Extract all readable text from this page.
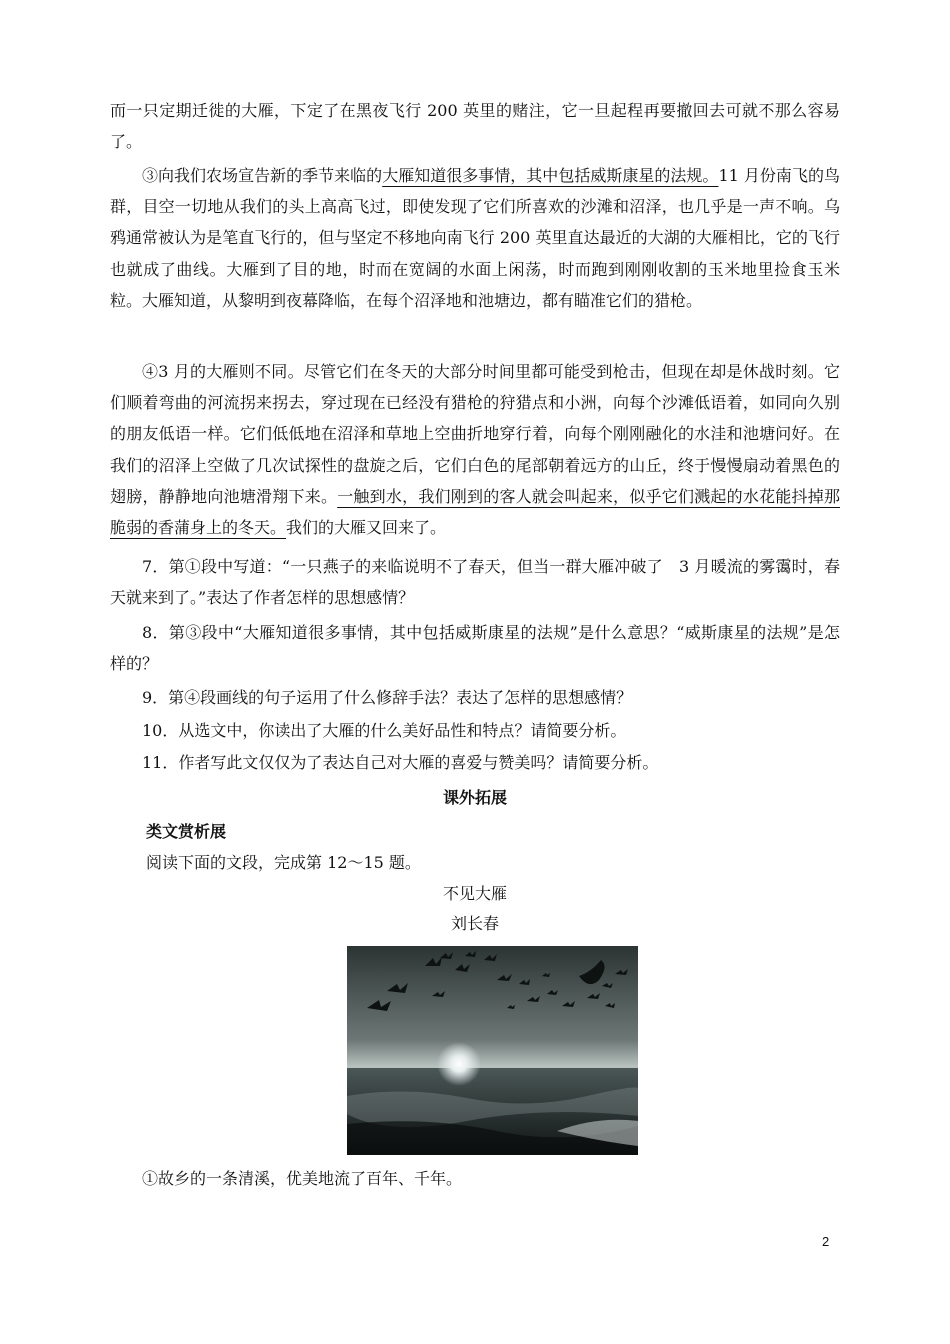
而一只定期迁徙的大雁，下定了在黑夜飞行 200 英里的赌注，它一旦起程再要撤回去可就不那么容易了。

③向我们农场宣告新的季节来临的大雁知道很多事情，其中包括威斯康星的法规。11 月份南飞的鸟群，目空一切地从我们的头上高高飞过，即使发现了它们所喜欢的沙滩和沼泽，也几乎是一声不响。乌鸦通常被认为是笔直飞行的，但与坚定不移地向南飞行 200 英里直达最近的大湖的大雁相比，它的飞行也就成了曲线。大雁到了目的地，时而在宽阔的水面上闲荡，时而跑到刚刚收割的玉米地里捡食玉米粒。大雁知道，从黎明到夜幕降临，在每个沼泽地和池塘边，都有瞄准它们的猎枪。

④3 月的大雁则不同。尽管它们在冬天的大部分时间里都可能受到枪击，但现在却是休战时刻。它们顺着弯曲的河流拐来拐去，穿过现在已经没有猎枪的狩猎点和小洲，向每个沙滩低语着，如同向久别的朋友低语一样。它们低低地在沼泽和草地上空曲折地穿行着，向每个刚刚融化的水洼和池塘问好。在我们的沼泽上空做了几次试探性的盘旋之后，它们白色的尾部朝着远方的山丘，终于慢慢扇动着黑色的翅膀，静静地向池塘滑翔下来。一触到水，我们刚到的客人就会叫起来，似乎它们溅起的水花能抖掉那脆弱的香蒲身上的冬天。我们的大雁又回来了。

7．第①段中写道：“一只燕子的来临说明不了春天，但当一群大雁冲破了　3 月暖流的雾霭时，春天就来到了。”表达了作者怎样的思想感情？

8．第③段中“大雁知道很多事情，其中包括威斯康星的法规”是什么意思？“威斯康星的法规”是怎样的？

9．第④段画线的句子运用了什么修辞手法？表达了怎样的思想感情？

10．从选文中，你读出了大雁的什么美好品性和特点？请简要分析。

11．作者写此文仅仅为了表达自己对大雁的喜爱与赞美吗？请简要分析。

课外拓展
类文赏析展
阅读下面的文段，完成第 12～15 题。
不见大雁
刘长春
①故乡的一条清溪，优美地流了百年、千年。
2
